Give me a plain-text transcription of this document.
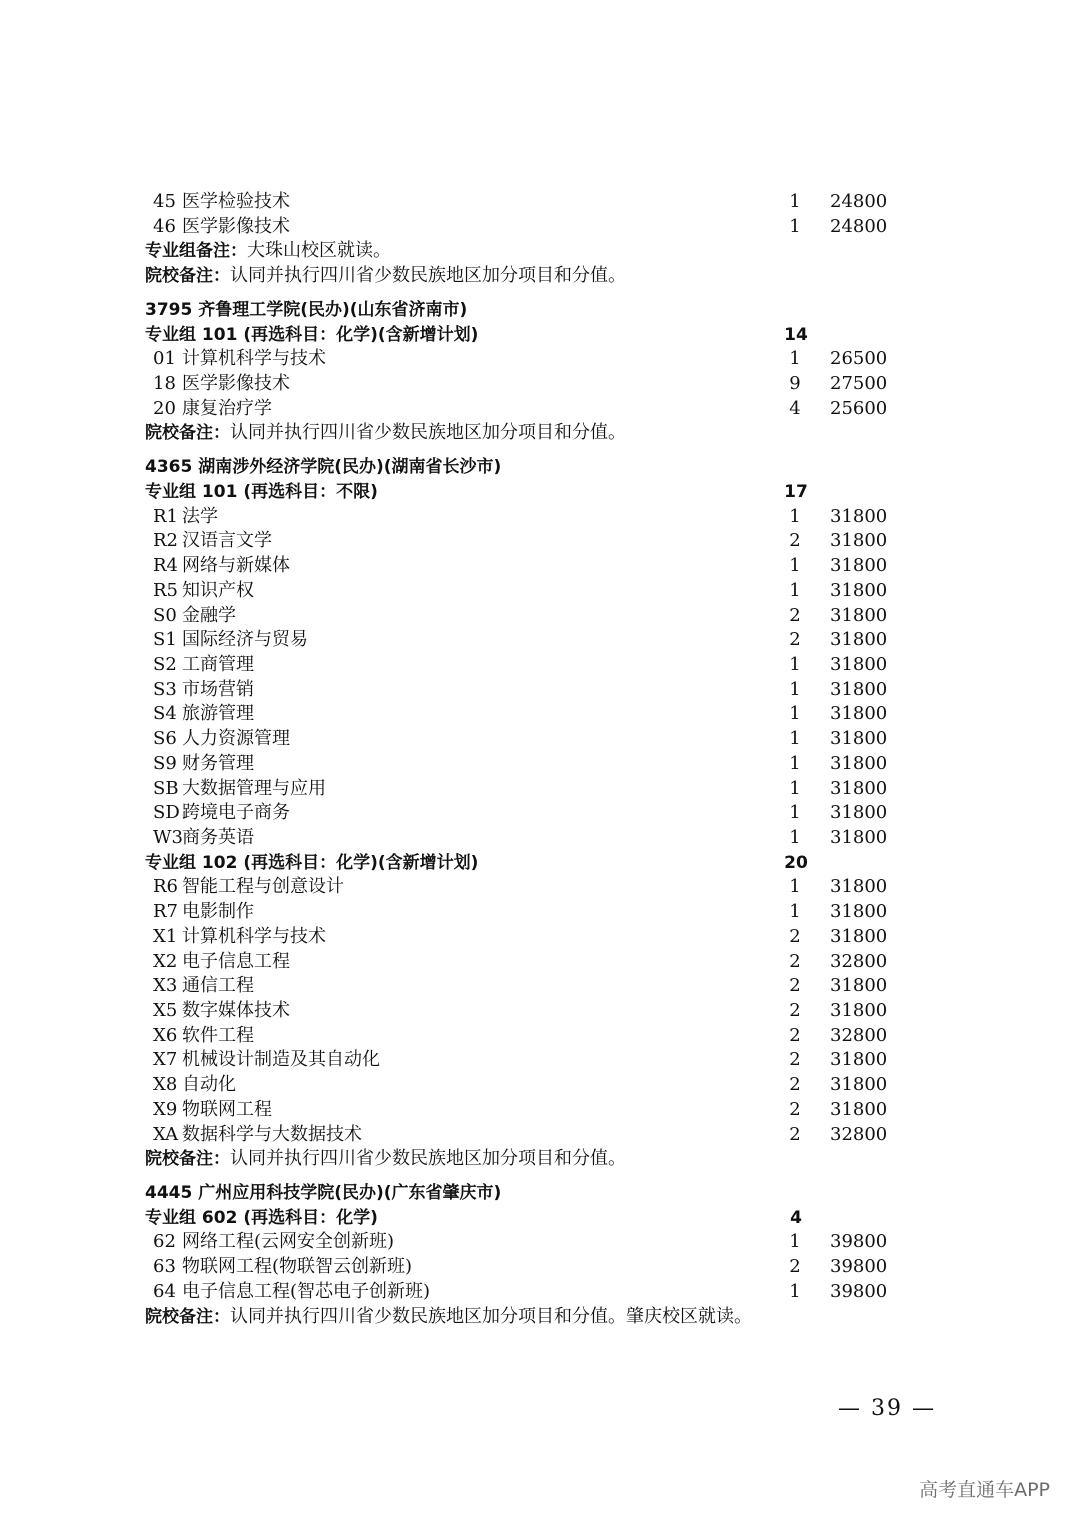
45 医学检验技术	1	24800
46 医学影像技术	1	24800
专业组备注：大珠山校区就读。
院校备注：认同并执行四川省少数民族地区加分项目和分值。
3795 齐鲁理工学院(民办)(山东省济南市)
专业组 101 (再选科目：化学)(含新增计划)	14
01 计算机科学与技术	1	26500
18 医学影像技术	9	27500
20 康复治疗学	4	25600
院校备注：认同并执行四川省少数民族地区加分项目和分值。
4365 湖南涉外经济学院(民办)(湖南省长沙市)
专业组 101 (再选科目：不限)	17
R1 法学	1	31800
R2 汉语言文学	2	31800
R4 网络与新媒体	1	31800
R5 知识产权	1	31800
S0 金融学	2	31800
S1 国际经济与贸易	2	31800
S2 工商管理	1	31800
S3 市场营销	1	31800
S4 旅游管理	1	31800
S6 人力资源管理	1	31800
S9 财务管理	1	31800
SB 大数据管理与应用	1	31800
SD 跨境电子商务	1	31800
W3 商务英语	1	31800
专业组 102 (再选科目：化学)(含新增计划)	20
R6 智能工程与创意设计	1	31800
R7 电影制作	1	31800
X1 计算机科学与技术	2	31800
X2 电子信息工程	2	32800
X3 通信工程	2	31800
X5 数字媒体技术	2	31800
X6 软件工程	2	32800
X7 机械设计制造及其自动化	2	31800
X8 自动化	2	31800
X9 物联网工程	2	31800
XA 数据科学与大数据技术	2	32800
院校备注：认同并执行四川省少数民族地区加分项目和分值。
4445 广州应用科技学院(民办)(广东省肇庆市)
专业组 602 (再选科目：化学)	4
62 网络工程(云网安全创新班)	1	39800
63 物联网工程(物联智云创新班)	2	39800
64 电子信息工程(智芯电子创新班)	1	39800
院校备注：认同并执行四川省少数民族地区加分项目和分值。肇庆校区就读。
— 39 —
高考直通车APP
